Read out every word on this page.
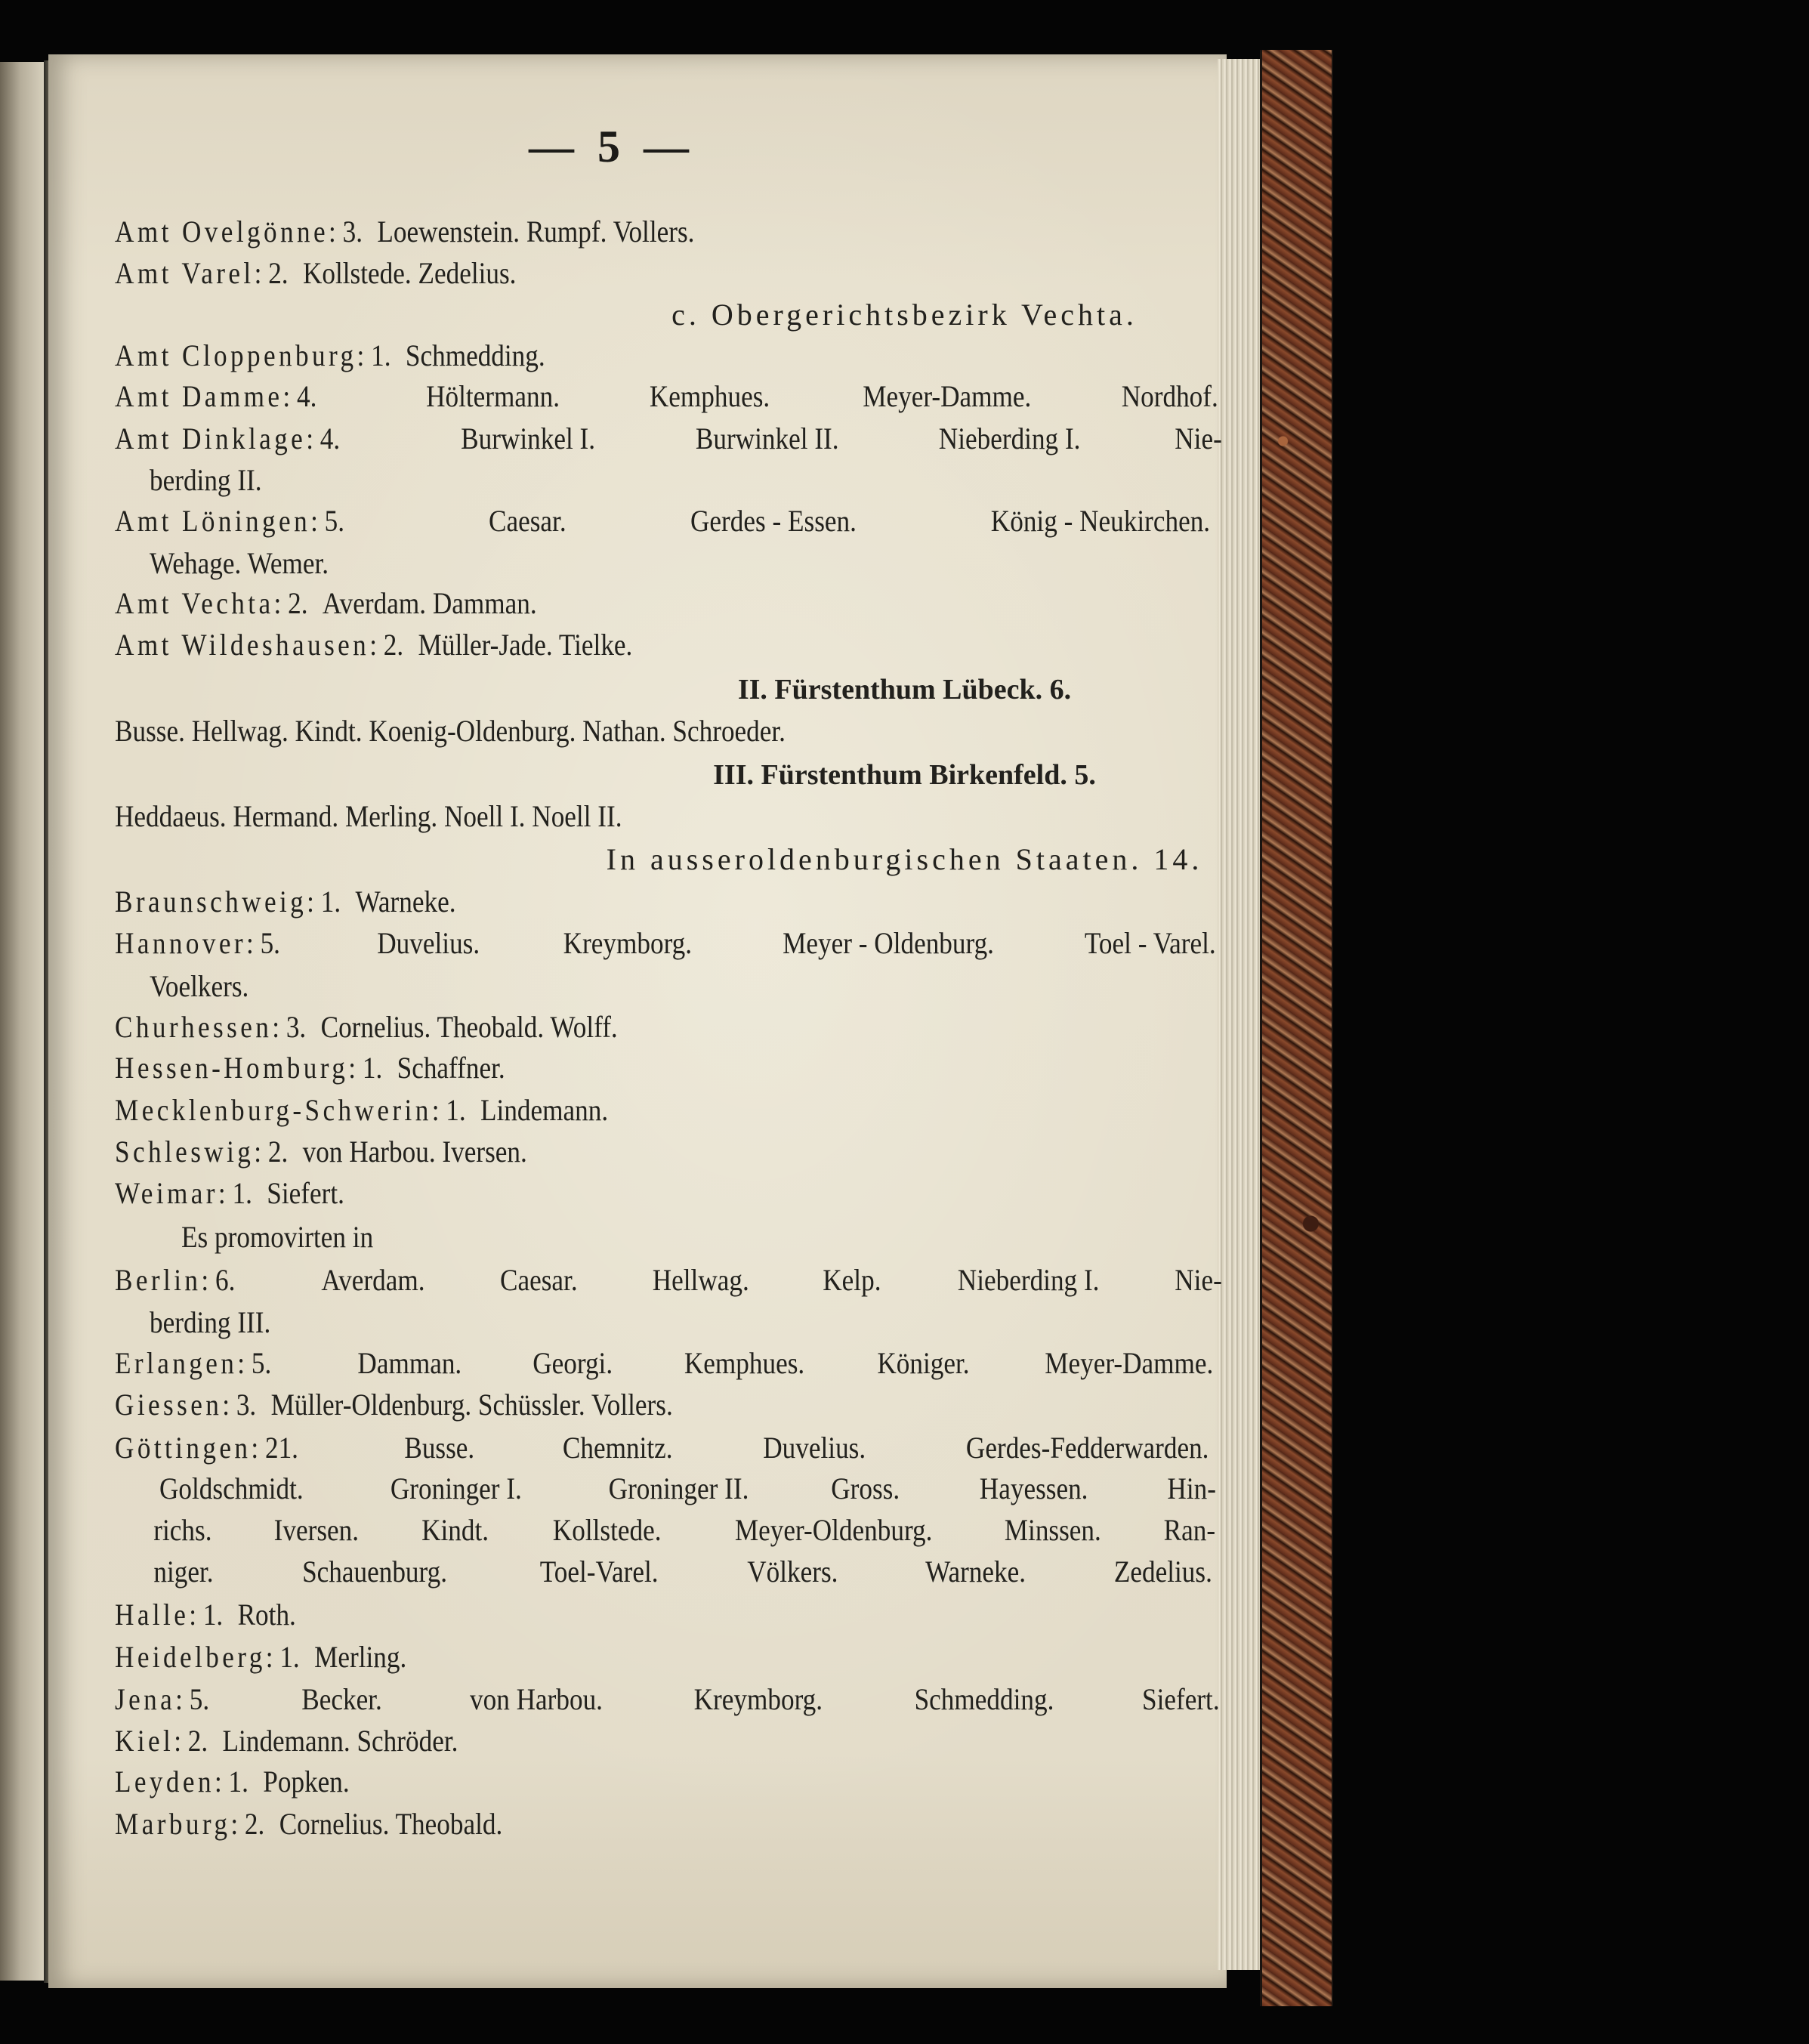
— 5 —
Amt Ovelgönne: 3. Loewenstein. Rumpf. Vollers.
Amt Varel: 2. Kollstede. Zedelius.
c. Obergerichtsbezirk Vechta.
Amt Cloppenburg: 1. Schmedding.
Amt Damme: 4.	Höltermann.	Kemphues.	Meyer-Damme.	Nordhof.
Amt Dinklage: 4.	Burwinkel I.	Burwinkel II.	Nieberding I.	Nie-
berding II.
Amt Löningen: 5.	Caesar.	Gerdes - Essen.	König - Neukirchen.
Wehage. Wemer.
Amt Vechta: 2. Averdam. Damman.
Amt Wildeshausen: 2. Müller-Jade. Tielke.
II. Fürstenthum Lübeck. 6.
Busse. Hellwag. Kindt. Koenig-Oldenburg. Nathan. Schroeder.
III. Fürstenthum Birkenfeld. 5.
Heddaeus. Hermand. Merling. Noell I. Noell II.
In ausseroldenburgischen Staaten. 14.
Braunschweig: 1. Warneke.
Hannover: 5.	Duvelius.	Kreymborg.	Meyer - Oldenburg.	Toel - Varel.
Voelkers.
Churhessen: 3. Cornelius. Theobald. Wolff.
Hessen-Homburg: 1. Schaffner.
Mecklenburg-Schwerin: 1. Lindemann.
Schleswig: 2. von Harbou. Iversen.
Weimar: 1. Siefert.
Es promovirten in
Berlin: 6.	Averdam. Caesar. Hellwag. Kelp.	Nieberding I.	Nie-
berding III.
Erlangen: 5.	Damman. Georgi. Kemphues. Königer.	Meyer-Damme.
Giessen: 3. Müller-Oldenburg. Schüssler. Vollers.
Göttingen: 21.	Busse.	Chemnitz.	Duvelius.	Gerdes-Fedderwarden.
Goldschmidt.	Groninger I.	Groninger II.	Gross.	Hayessen.	Hin-
richs. Iversen. Kindt. Kollstede. Meyer-Oldenburg. Minssen. Ran-
niger.	Schauenburg.	Toel-Varel.	Völkers.	Warneke.	Zedelius.
Halle: 1. Roth.
Heidelberg: 1. Merling.
Jena: 5.	Becker.	von Harbou.	Kreymborg.	Schmedding.	Siefert.
Kiel: 2. Lindemann. Schröder.
Leyden: 1. Popken.
Marburg: 2. Cornelius. Theobald.
